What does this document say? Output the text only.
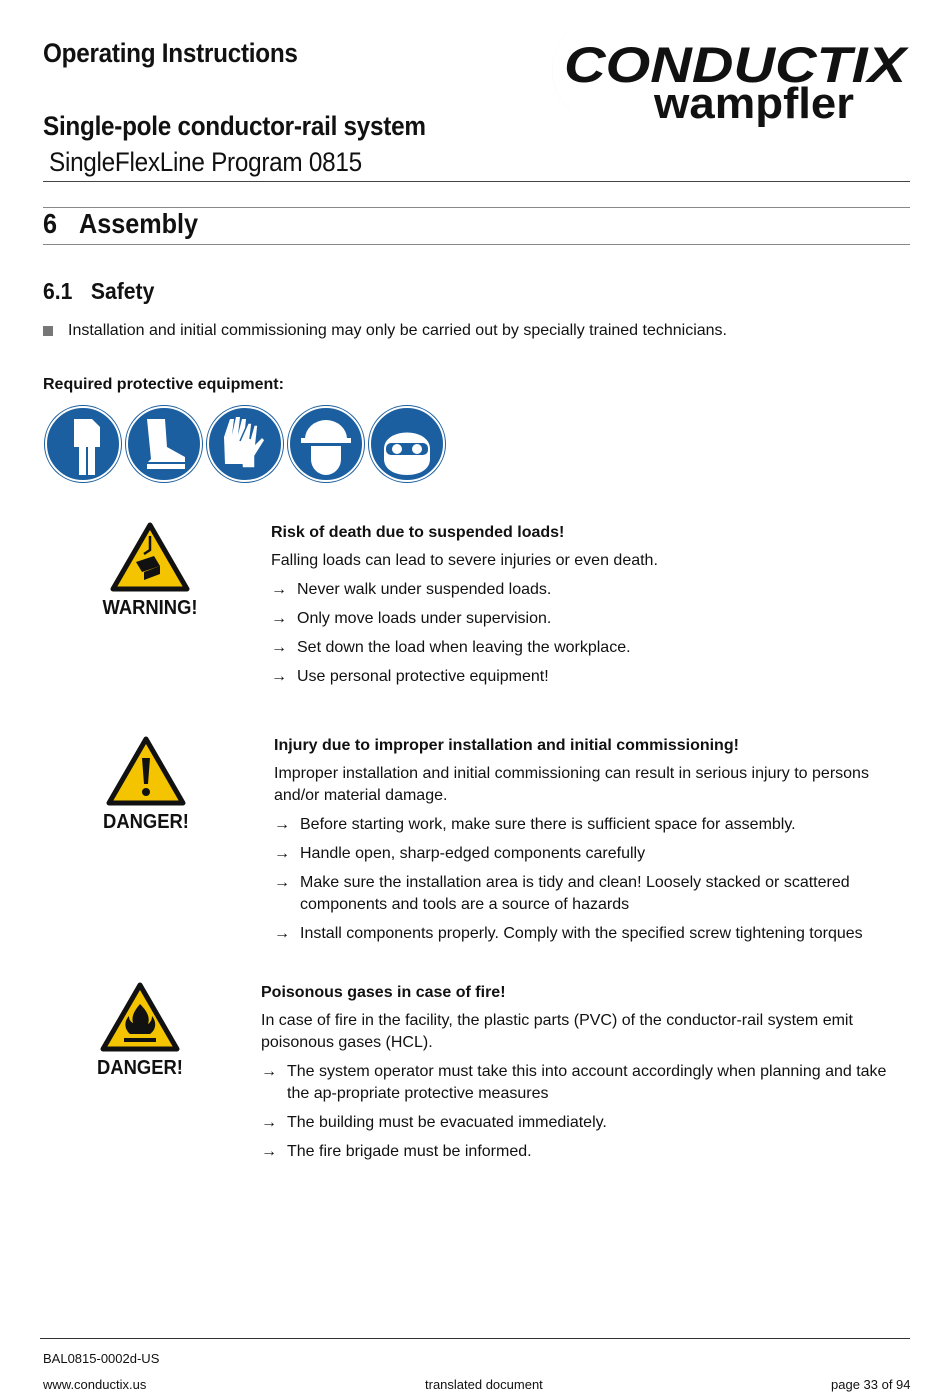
Operating Instructions
Single-pole conductor-rail system
SingleFlexLine Program 0815
CONDUCTIX
wampfler
6 Assembly
6.1 Safety
Installation and initial commissioning may only be carried out by specially trained technicians.
Required protective equipment:
WARNING!
Risk of death due to suspended loads!
Falling loads can lead to severe injuries or even death.
→ Never walk under suspended loads.
→ Only move loads under supervision.
→ Set down the load when leaving the workplace.
→ Use personal protective equipment!
DANGER!
Injury due to improper installation and initial commissioning!
Improper installation and initial commissioning can result in serious injury to persons and/or material damage.
→ Before starting work, make sure there is sufficient space for assembly.
→ Handle open, sharp-edged components carefully
→ Make sure the installation area is tidy and clean! Loosely stacked or scattered components and tools are a source of hazards
→ Install components properly. Comply with the specified screw tightening torques
DANGER!
Poisonous gases in case of fire!
In case of fire in the facility, the plastic parts (PVC) of the conductor-rail system emit poisonous gases (HCL).
→ The system operator must take this into account accordingly when planning and take the ap-propriate protective measures
→ The building must be evacuated immediately.
→ The fire brigade must be informed.
BAL0815-0002d-US
www.conductix.us	translated document	page 33 of 94
